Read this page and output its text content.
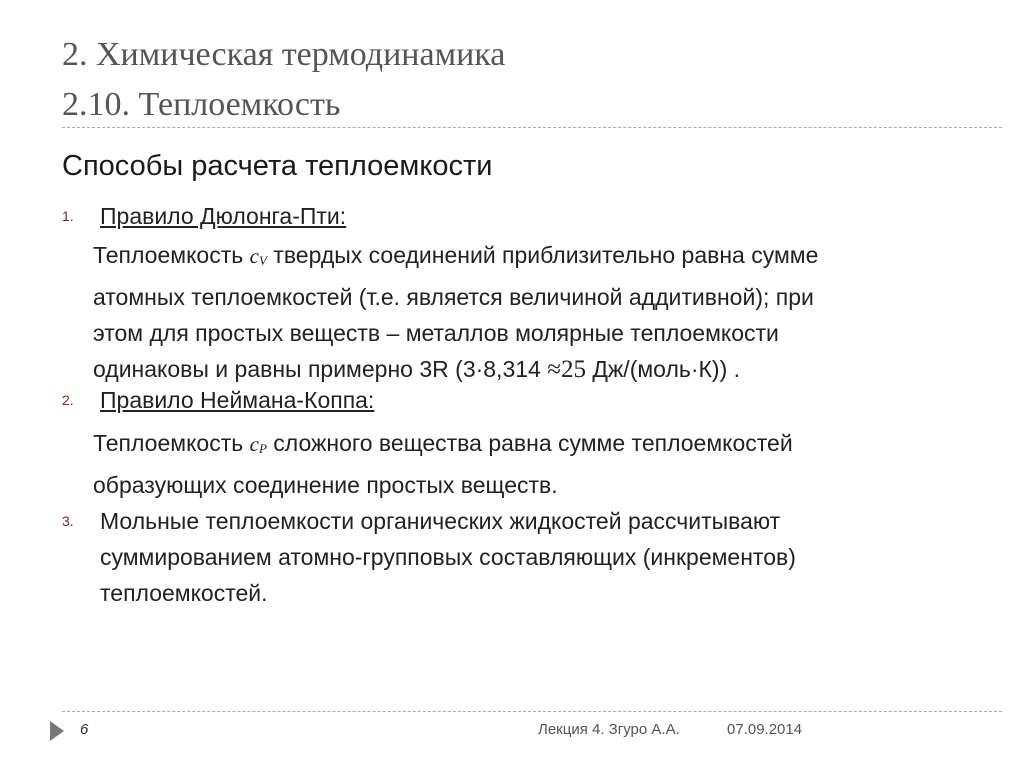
2. Химическая термодинамика
2.10. Теплоемкость
Способы расчета теплоемкости
1. Правило Дюлонга-Пти:
Теплоемкость $c_V$ твердых соединений приблизительно равна сумме
атомных теплоемкостей (т.е. является величиной аддитивной); при
этом для простых веществ – металлов молярные теплоемкости
одинаковы и равны примерно 3R (3·8,314 ≈25 Дж/(моль·К)) .
2. Правило Неймана-Коппа:
Теплоемкость $c_P$ сложного вещества равна сумме теплоемкостей
образующих соединение простых веществ.
3. Мольные теплоемкости органических жидкостей рассчитывают
суммированием атомно-групповых составляющих (инкрементов)
теплоемкостей.
6	Лекция 4. Згуро А.А.	07.09.2014
